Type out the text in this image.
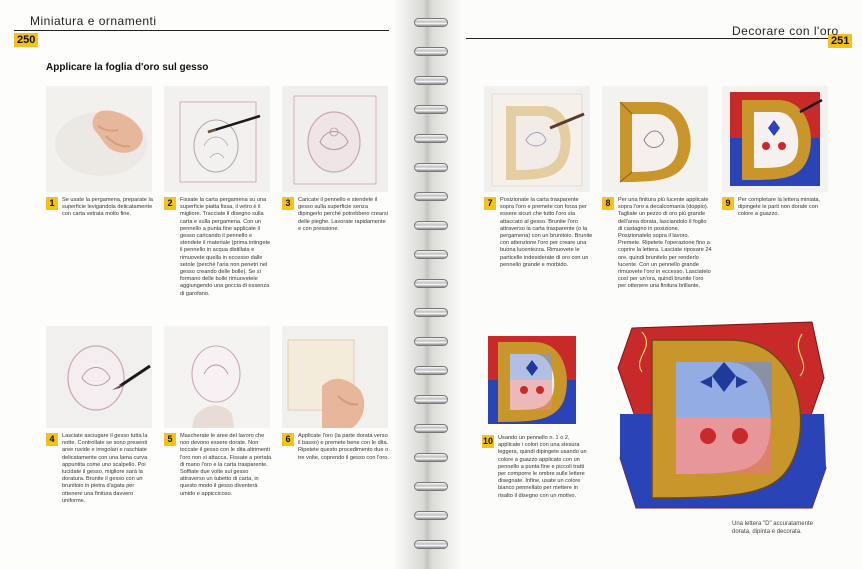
250
Miniatura e ornamenti
Applicare la foglia d'oro sul gesso
251
Decorare con l'oro
1	Se usate la pergamena, preparate la superficie levigandola delicatamente con carta vetrata molto fine.
2	Fissate la carta pergamena su una superficie piatta fissa, il vetro è il migliore. Tracciate il disegno sulla carta e sulla pergamena. Con un pennello a punta fine applicate il gesso caricando il pennello e stendete il materiale (prima intingete il pennello in acqua distillata e rimuovete quella in eccesso dalle setole (perché l'aria non penetri nel gesso creando delle bolle). Se si formano delle bolle rimuovetele aggiungendo una goccia di essenza di garofano.
3	Caricate il pennello e stendete il gesso sulla superficie senza dipingerlo perché potrebbero crearsi delle pieghe. Lavorate rapidamente e con pressione.
4	Lasciate asciugare il gesso tutta la notte. Controllate se sono presenti aree ruvide e irregolari e raschiate delicatamente con una lama curva appuntita come uno scalpello. Poi lucidate il gesso, migliore sarà la doratura. Brunite il gesso con un brunitoio in pietra d'agata per ottenere una finitura davvero uniforme.
5	Mascherate le aree del lavoro che non devono essere dorate. Non toccate il gesso con le dita altrimenti l'oro non si attacca. Fissate a portata di mano l'oro e la carta trasparente. Soffiate due volte sul gesso attraverso un tubetto di carta, in questo modo il gesso diventerà umido e appiccicoso.
6	Applicate l'oro (la parte dorata verso il basso) e premete bene con le dita. Ripetete questo procedimento due o tre volte, coprendo il gesso con l'oro.
7	Posizionate la carta trasparente sopra l'oro e premete con forza per essere sicuri che tutto l'oro sia attaccato al gesso. Brunite l'oro attraverso la carta trasparente (o la pergamena) con un brunitoio. Brunite con attenzione l'oro per creare una buona lucentezza. Rimuovete le particelle indesiderate di oro con un pennello grande e morbido.
8	Per una finitura più lucente applicate sopra l'oro a decalcomania (doppio). Tagliate un pezzo di oro più grande dell'area dorata, lasciandolo il foglio di castagno in posizione. Posizionatelo sopra il lavoro. Premete. Ripetete l'operazione fino a coprire la lettera. Lasciate riposare 24 ore, quindi brunitelo per renderlo lucente. Con un pennello grande rimuovete l'oro in eccesso. Lasciatelo così per un'ora, quindi brunite l'oro per ottenere una finitura brillante.
9	Per completare la lettera miniata, dipingete le parti non dorate con colore a guazzo.
10 Usando un pennello n. 1 o 2, applicate i colori con una stesura leggera, quindi dipingete usando un colore a guazzo applicato con un pennello a punta fine e piccoli tratti per comporre le ombre sulle lettere disegnate. Infine, usate un colore bianco pennellato per mettere in risalto il disegno con un motivo.
Una lettera "D" accuratamente dorata, dipinta e decorata.
